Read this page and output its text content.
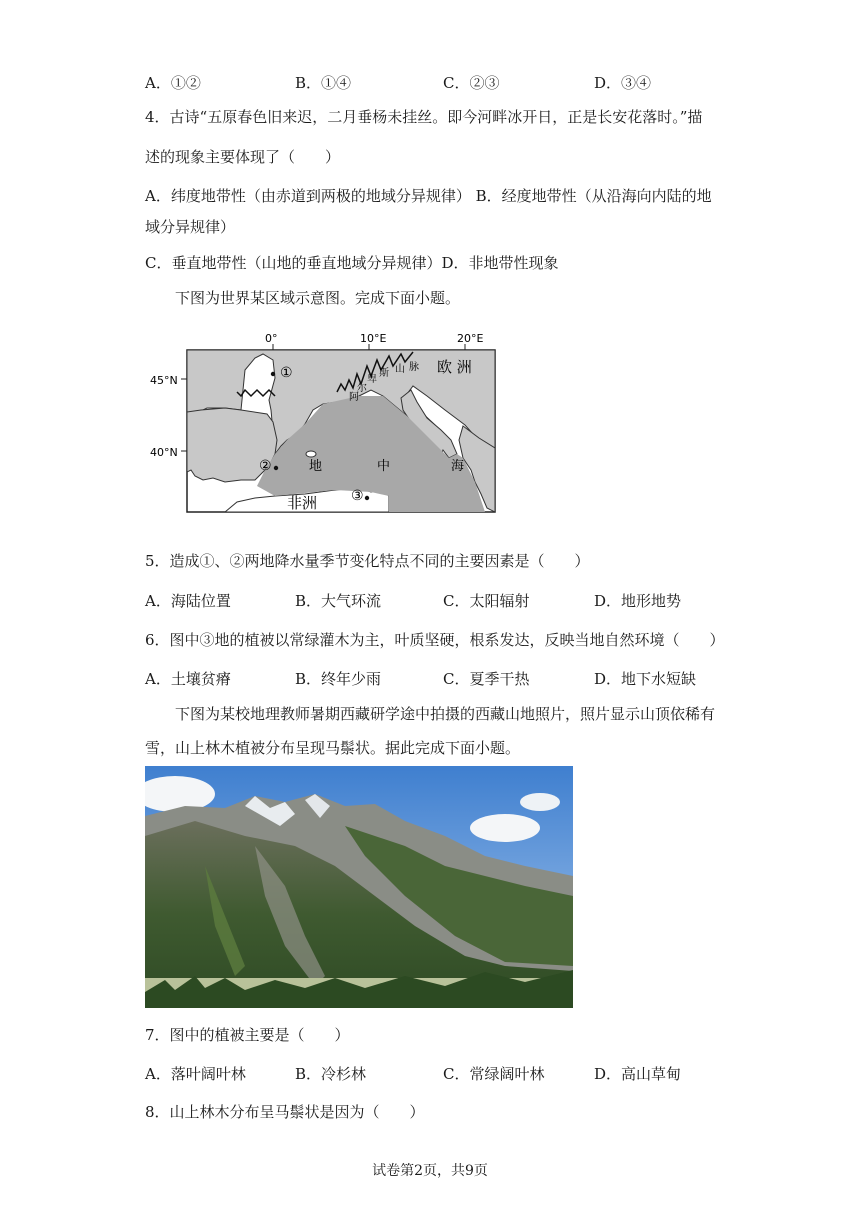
A．①②	B．①④	C．②③	D．③④
4．古诗“五原春色旧来迟，二月垂杨未挂丝。即今河畔冰开日，正是长安花落时。”描
述的现象主要体现了（　　）
A．纬度地带性（由赤道到两极的地域分异规律） B．经度地带性（从沿海向内陆的地
域分异规律）
C．垂直地带性（山地的垂直地域分异规律）D．非地带性现象
下图为世界某区域示意图。完成下面小题。
0°	10°E	20°E
45°N
40°N
①
②
③
欧 洲
非洲
地	中	海
阿
尔
卑
斯 山 脉
5．造成①、②两地降水量季节变化特点不同的主要因素是（　　）
A．海陆位置	B．大气环流	C．太阳辐射	D．地形地势
6．图中③地的植被以常绿灌木为主，叶质坚硬，根系发达，反映当地自然环境（　　）
A．土壤贫瘠	B．终年少雨	C．夏季干热	D．地下水短缺
下图为某校地理教师暑期西藏研学途中拍摄的西藏山地照片，照片显示山顶依稀有
雪，山上林木植被分布呈现马鬃状。据此完成下面小题。
7．图中的植被主要是（　　）
A．落叶阔叶林	B．冷杉林	C．常绿阔叶林	D．高山草甸
8．山上林木分布呈马鬃状是因为（　　）
试卷第2页，共9页
